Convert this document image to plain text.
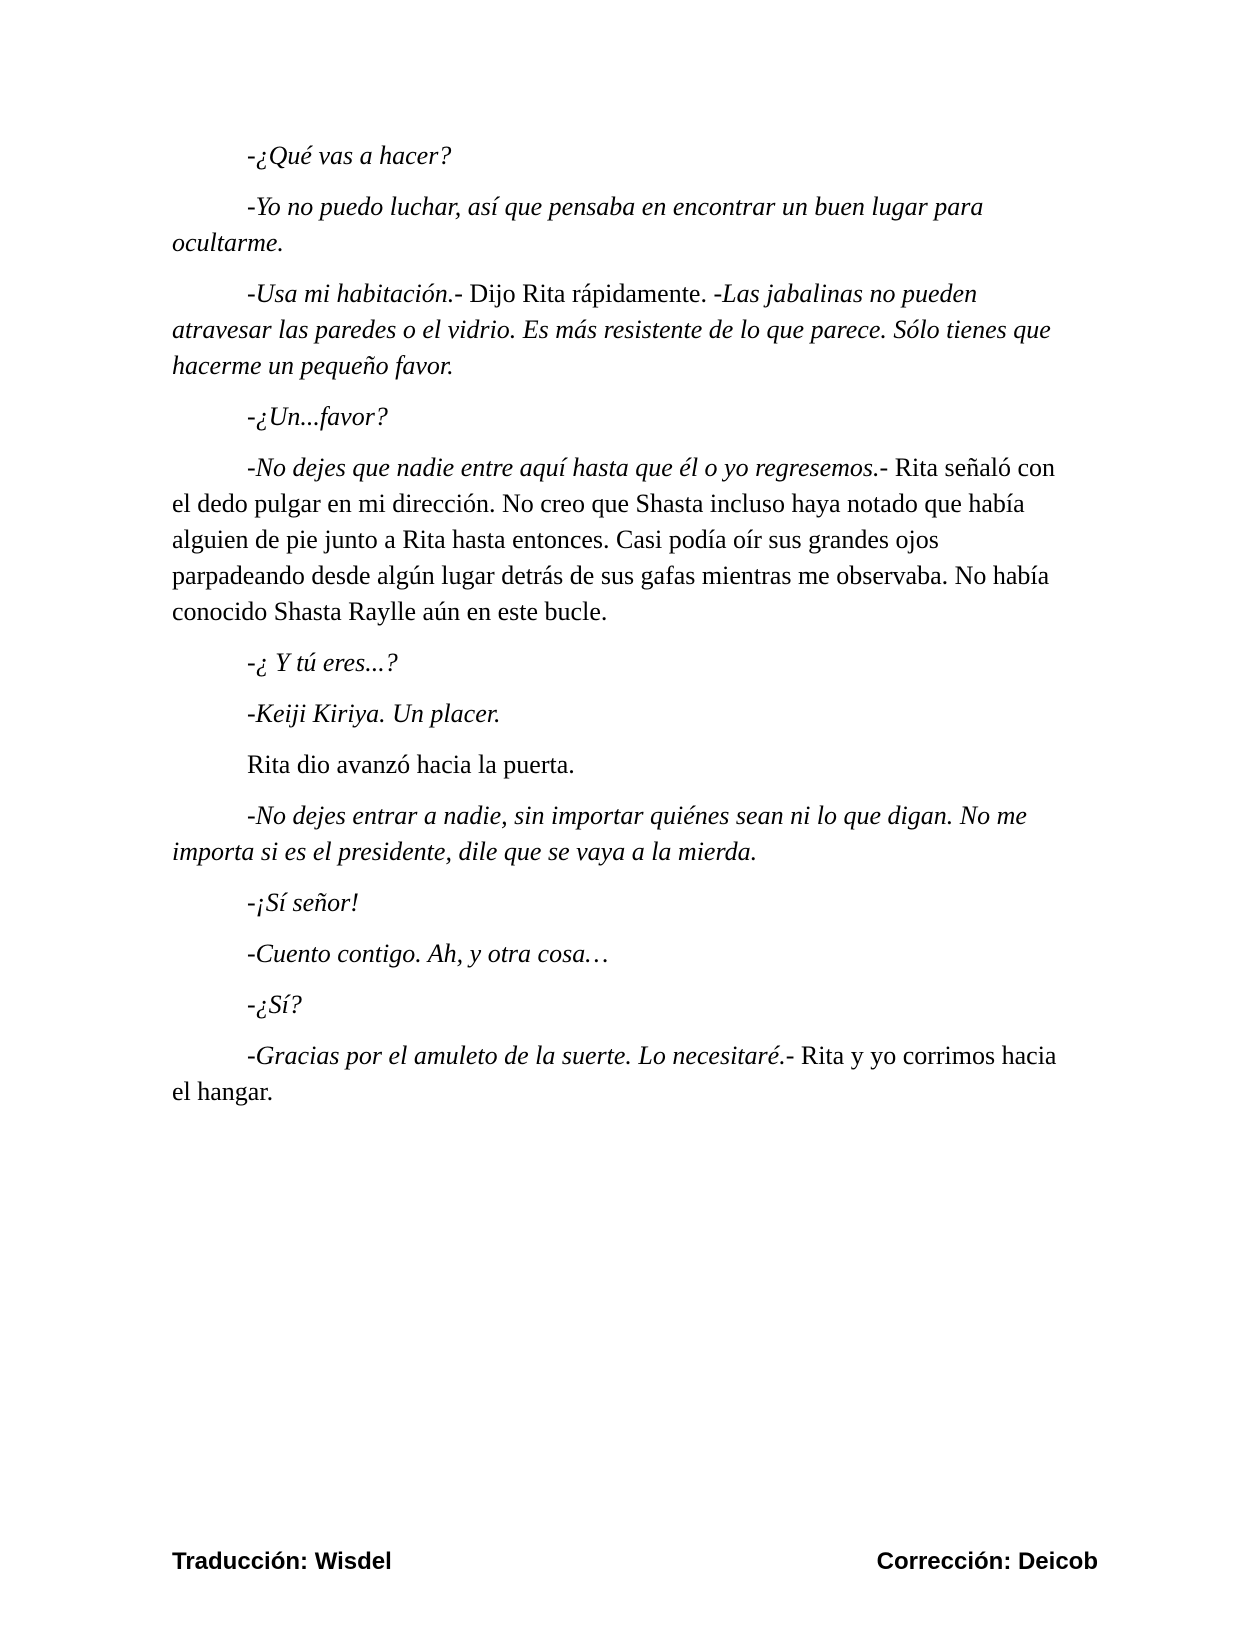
-¿Qué vas a hacer?

-Yo no puedo luchar, así que pensaba en encontrar un buen lugar para ocultarme.

-Usa mi habitación.- Dijo Rita rápidamente. -Las jabalinas no pueden atravesar las paredes o el vidrio. Es más resistente de lo que parece. Sólo tienes que hacerme un pequeño favor.

-¿Un...favor?

-No dejes que nadie entre aquí hasta que él o yo regresemos.- Rita señaló con el dedo pulgar en mi dirección. No creo que Shasta incluso haya notado que había alguien de pie junto a Rita hasta entonces. Casi podía oír sus grandes ojos parpadeando desde algún lugar detrás de sus gafas mientras me observaba. No había conocido Shasta Raylle aún en este bucle.

-¿ Y tú eres...?

-Keiji Kiriya. Un placer.

Rita dio avanzó hacia la puerta.

-No dejes entrar a nadie, sin importar quiénes sean ni lo que digan. No me importa si es el presidente, dile que se vaya a la mierda.

-¡Sí señor!

-Cuento contigo. Ah, y otra cosa…

-¿Sí?

-Gracias por el amuleto de la suerte. Lo necesitaré.- Rita y yo corrimos hacia el hangar.

Traducción: Wisdel	Corrección: Deicob
